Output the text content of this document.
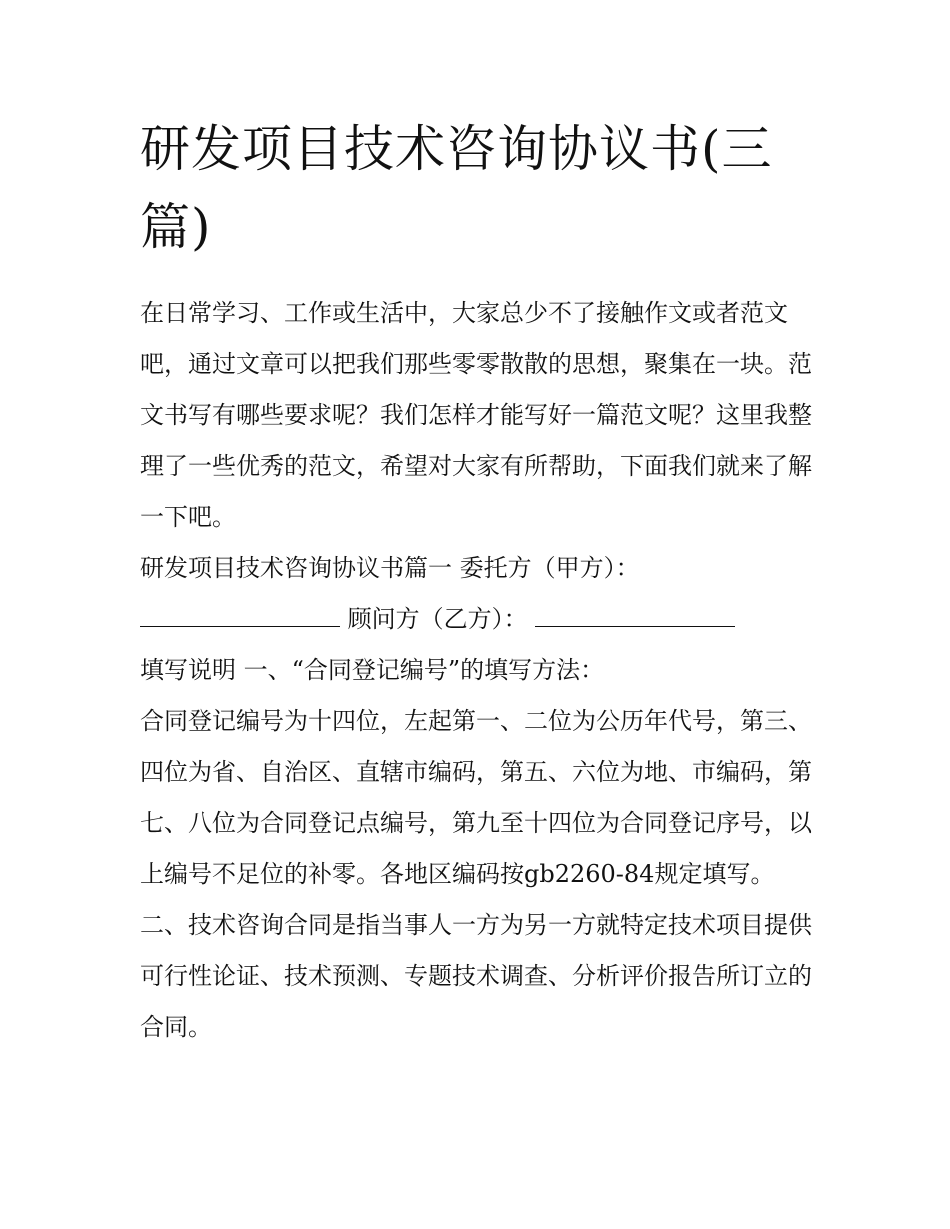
研发项目技术咨询协议书(三篇)

在日常学习、工作或生活中，大家总少不了接触作文或者范文吧，通过文章可以把我们那些零零散散的思想，聚集在一块。范文书写有哪些要求呢？我们怎样才能写好一篇范文呢？这里我整理了一些优秀的范文，希望对大家有所帮助，下面我们就来了解一下吧。

研发项目技术咨询协议书篇一 委托方（甲方）：

顾问方（乙方）：

填写说明 一、“合同登记编号”的填写方法：

合同登记编号为十四位，左起第一、二位为公历年代号，第三、四位为省、自治区、直辖市编码，第五、六位为地、市编码，第七、八位为合同登记点编号，第九至十四位为合同登记序号，以上编号不足位的补零。各地区编码按gb2260-84规定填写。

二、技术咨询合同是指当事人一方为另一方就特定技术项目提供可行性论证、技术预测、专题技术调查、分析评价报告所订立的合同。
